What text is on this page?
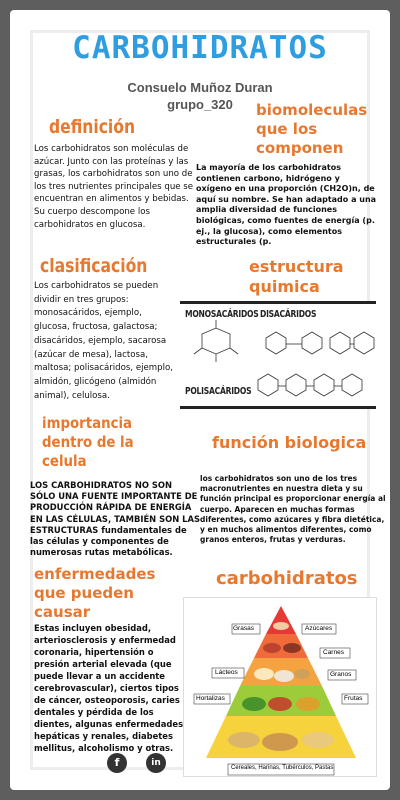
CARBOHIDRATOS
Consuelo Muñoz Duran
grupo_320
definición
Los carbohidratos son moléculas de azúcar. Junto con las proteínas y las grasas, los carbohidratos son uno de los tres nutrientes principales que se encuentran en alimentos y bebidas. Su cuerpo descompone los carbohidratos en glucosa.
biomoleculas que los componen
La mayoría de los carbohidratos contienen carbono, hidrógeno y oxígeno en una proporción (CH2O)n, de aquí su nombre. Se han adaptado a una amplia diversidad de funciones biológicas, como fuentes de energía (p. ej., la glucosa), como elementos estructurales (p.
clasificación
Los carbohidratos se pueden dividir en tres grupos: monosacáridos, ejemplo, glucosa, fructosa, galactosa; disacáridos, ejemplo, sacarosa (azúcar de mesa), lactosa, maltosa; polisacáridos, ejemplo, almidón, glicógeno (almidón animal), celulosa.
estructura quimica
MONOSACÁRIDOS DISACÁRIDOS
POLISACÁRIDOS
importancia dentro de la celula
LOS CARBOHIDRATOS NO SON SÓLO UNA FUENTE IMPORTANTE DE PRODUCCIÓN RÁPIDA DE ENERGÍA EN LAS CÉLULAS, TAMBIÉN SON LAS ESTRUCTURAS fundamentales de las células y componentes de numerosas rutas metabólicas.
función biologica
los carbohidratos son uno de los tres macronutrientes en nuestra dieta y su función principal es proporcionar energía al cuerpo. Aparecen en muchas formas diferentes, como azúcares y fibra dietética, y en muchos alimentos diferentes, como granos enteros, frutas y verduras.
enfermedades que pueden causar
Estas incluyen obesidad, arteriosclerosis y enfermedad coronaria, hipertensión o presión arterial elevada (que puede llevar a un accidente cerebrovascular), ciertos tipos de cáncer, osteoporosis, caries dentales y pérdida de los dientes, algunas enfermedades hepáticas y renales, diabetes mellitus, alcoholismo y otras.
carbohidratos
Grasas	Azúcares
Carnes
Lácteos	Granos
Hortalizas	Frutas
Cereales, Harinas, Tubérculos, Pastas
f	in
